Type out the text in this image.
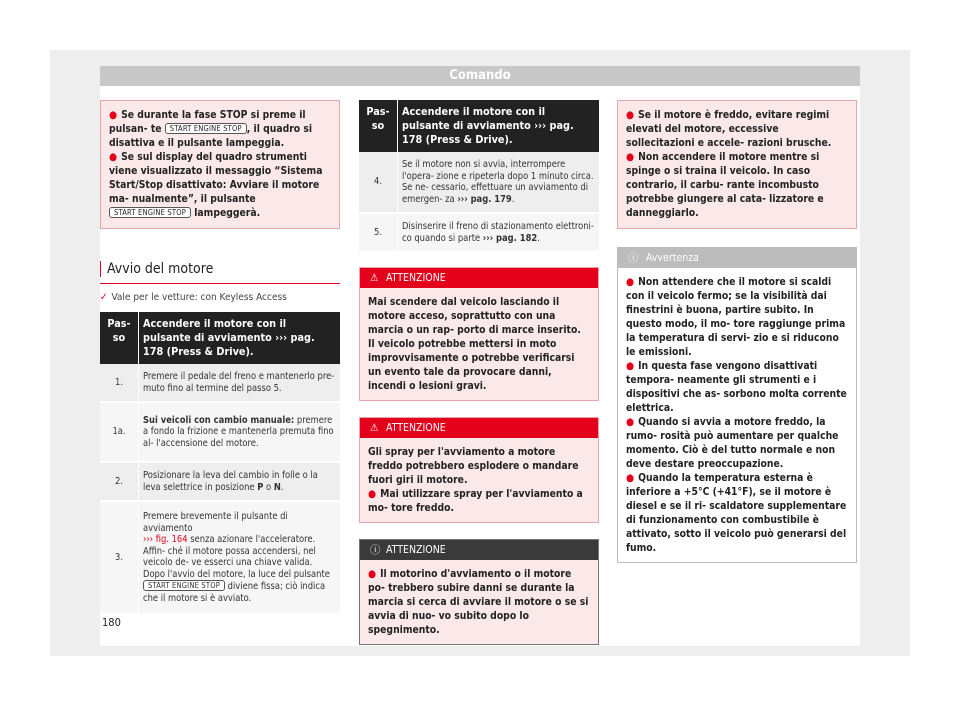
Comando
● Se durante la fase STOP si preme il pulsan- te START ENGINE STOP , il quadro si disattiva e il pulsante lampeggia.
● Se sul display del quadro strumenti viene visualizzato il messaggio “Sistema Start/Stop disattivato: Avviare il motore ma- nualmente”, il pulsante START ENGINE STOP lampeggerà.
Avvio del motore
✓ Vale per le vetture: con Keyless Access
Pas- so	Accendere il motore con il pulsante di avviamento ››› pag. 178 (Press & Drive).
1.	Premere il pedale del freno e mantenerlo pre- muto fino al termine del passo 5.
1a.	Sui veicoli con cambio manuale: premere a fondo la frizione e mantenerla premuta fino al- l'accensione del motore.
2.	Posizionare la leva del cambio in folle o la leva selettrice in posizione P o N.
3.	Premere brevemente il pulsante di avviamento
››› fig. 164 senza azionare l'acceleratore. Affin- ché il motore possa accendersi, nel veicolo de- ve esserci una chiave valida.
Dopo l'avvio del motore, la luce del pulsante
START ENGINE STOP diviene fissa; ciò indica che il motore si è avviato.
Pas- so	Accendere il motore con il pulsante di avviamento ››› pag. 178 (Press & Drive).
4.	Se il motore non si avvia, interrompere l'opera- zione e ripeterla dopo 1 minuto circa. Se ne- cessario, effettuare un avviamento di emergen- za ››› pag. 179.
5.	Disinserire il freno di stazionamento elettroni- co quando si parte ››› pag. 182.
⚠ ATTENZIONE
Mai scendere dal veicolo lasciando il motore acceso, soprattutto con una marcia o un rap- porto di marce inserito. Il veicolo potrebbe mettersi in moto improvvisamente o potrebbe verificarsi un evento tale da provocare danni, incendi o lesioni gravi.
⚠ ATTENZIONE
Gli spray per l'avviamento a motore freddo potrebbero esplodere o mandare fuori giri il motore.
● Mai utilizzare spray per l'avviamento a mo- tore freddo.
ⓘ ATTENZIONE
● Il motorino d'avviamento o il motore po- trebbero subire danni se durante la marcia si cerca di avviare il motore o se si avvia di nuo- vo subito dopo lo spegnimento.
● Se il motore è freddo, evitare regimi elevati del motore, eccessive sollecitazioni e accele- razioni brusche.
● Non accendere il motore mentre si spinge o si traina il veicolo. In caso contrario, il carbu- rante incombusto potrebbe giungere al cata- lizzatore e danneggiarlo.
ⓘ Avvertenza
● Non attendere che il motore si scaldi con il veicolo fermo; se la visibilità dai finestrini è buona, partire subito. In questo modo, il mo- tore raggiunge prima la temperatura di servi- zio e si riducono le emissioni.
● In questa fase vengono disattivati tempora- neamente gli strumenti e i dispositivi che as- sorbono molta corrente elettrica.
● Quando si avvia a motore freddo, la rumo- rosità può aumentare per qualche momento. Ciò è del tutto normale e non deve destare preoccupazione.
● Quando la temperatura esterna è inferiore a +5°C (+41°F), se il motore è diesel e se il ri- scaldatore supplementare di funzionamento con combustibile è attivato, sotto il veicolo può generarsi del fumo.
180
